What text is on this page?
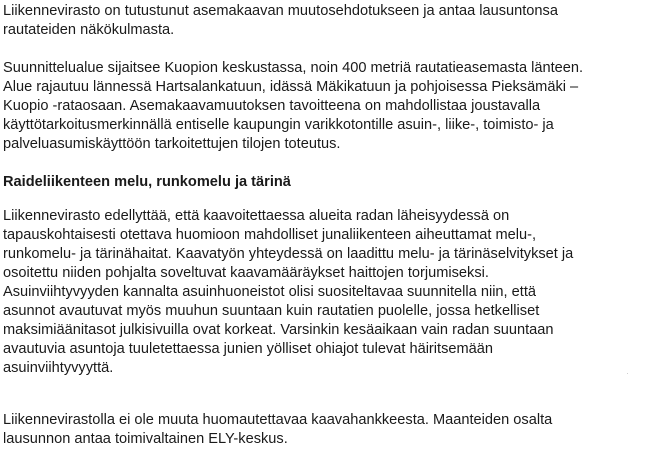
Liikennevirasto on tutustunut asemakaavan muutosehdotukseen ja antaa lausuntonsa
rautateiden näkökulmasta.

Suunnittelualue sijaitsee Kuopion keskustassa, noin 400 metriä rautatieasemasta länteen.
Alue rajautuu lännessä Hartsalankatuun, idässä Mäkikatuun ja pohjoisessa Pieksämäki –
Kuopio -rataosaan. Asemakaavamuutoksen tavoitteena on mahdollistaa joustavalla
käyttötarkoitusmerkinnällä entiselle kaupungin varikkotontille asuin-, liike-, toimisto- ja
palveluasumiskäyttöön tarkoitettujen tilojen toteutus.

Raideliikenteen melu, runkomelu ja tärinä

Liikennevirasto edellyttää, että kaavoitettaessa alueita radan läheisyydessä on
tapauskohtaisesti otettava huomioon mahdolliset junaliikenteen aiheuttamat melu-,
runkomelu- ja tärinähaitat. Kaavatyön yhteydessä on laadittu melu- ja tärinäselvitykset ja
osoitettu niiden pohjalta soveltuvat kaavamääräykset haittojen torjumiseksi.
Asuinviihtyvyyden kannalta asuinhuoneistot olisi suositeltavaa suunnitella niin, että
asunnot avautuvat myös muuhun suuntaan kuin rautatien puolelle, jossa hetkelliset
maksimiäänitasot julkisivuilla ovat korkeat. Varsinkin kesäaikaan vain radan suuntaan
avautuvia asuntoja tuuletettaessa junien yölliset ohiajot tulevat häiritsemään
asuinviihtyvyyttä.

Liikennevirastolla ei ole muuta huomautettavaa kaavahankkeesta. Maanteiden osalta
lausunnon antaa toimivaltainen ELY-keskus.
